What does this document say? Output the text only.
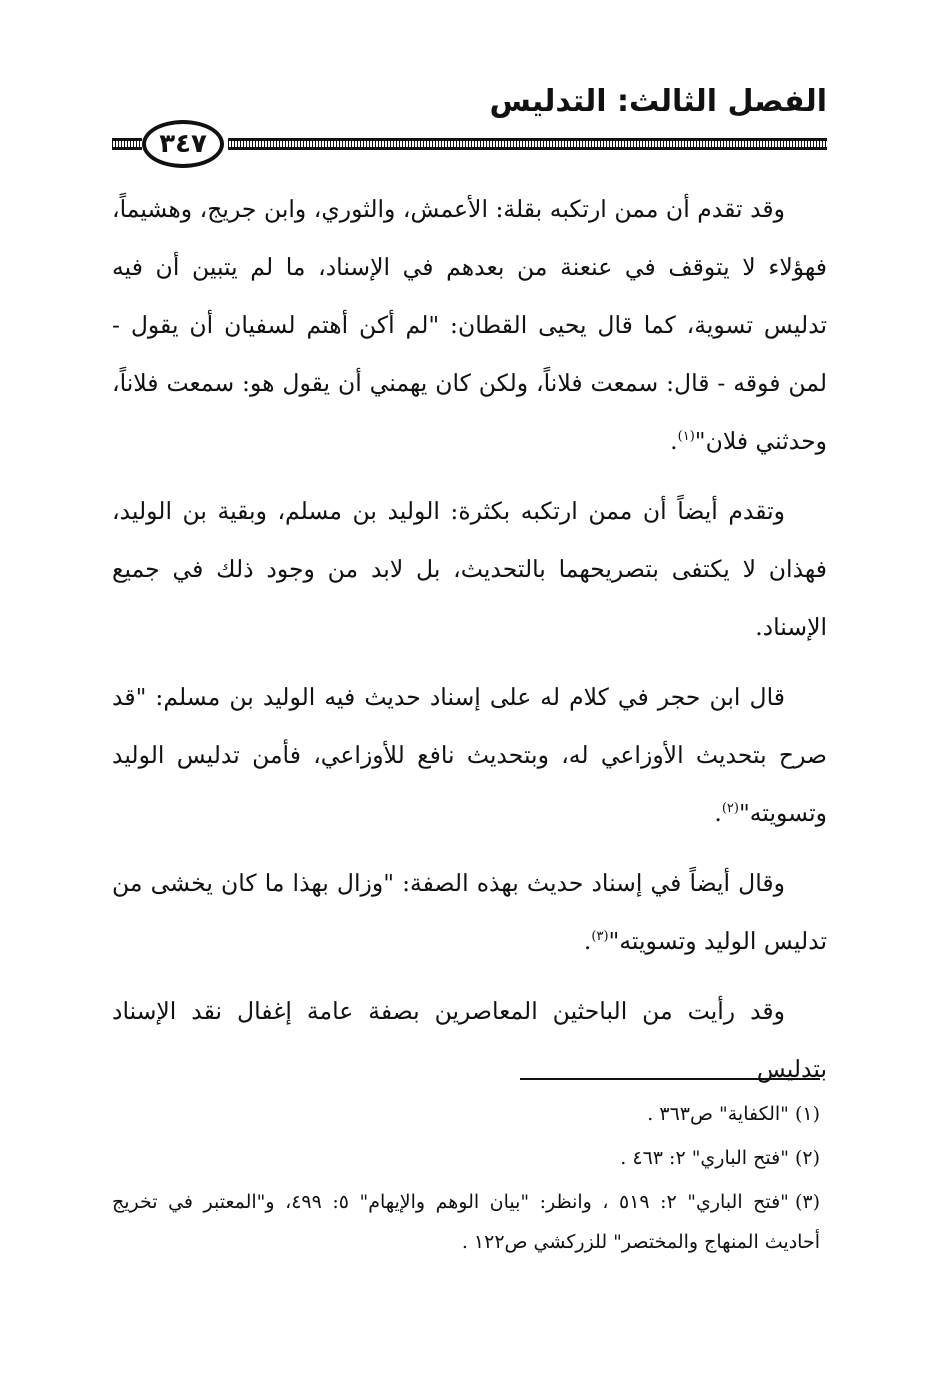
الفصل الثالث: التدليس
٣٤٧

وقد تقدم أن ممن ارتكبه بقلة: الأعمش، والثوري، وابن جريج، وهشيماً، فهؤلاء لا يتوقف في عنعنة من بعدهم في الإسناد، ما لم يتبين أن فيه تدليس تسوية، كما قال يحيى القطان: "لم أكن أهتم لسفيان أن يقول - لمن فوقه - قال: سمعت فلاناً، ولكن كان يهمني أن يقول هو: سمعت فلاناً، وحدثني فلان"$^{(١)}$.

وتقدم أيضاً أن ممن ارتكبه بكثرة: الوليد بن مسلم، وبقية بن الوليد، فهذان لا يكتفى بتصريحهما بالتحديث، بل لابد من وجود ذلك في جميع الإسناد.

قال ابن حجر في كلام له على إسناد حديث فيه الوليد بن مسلم: "قد صرح بتحديث الأوزاعي له، وبتحديث نافع للأوزاعي، فأمن تدليس الوليد وتسويته"$^{(٢)}$.

وقال أيضاً في إسناد حديث بهذه الصفة: "وزال بهذا ما كان يخشى من تدليس الوليد وتسويته"$^{(٣)}$.

وقد رأيت من الباحثين المعاصرين بصفة عامة إغفال نقد الإسناد بتدليس

(١)"الكفاية" ص٣٦٣ .

(٢)"فتح الباري" ٢: ٤٦٣ .

(٣)"فتح الباري" ٢: ٥١٩ ، وانظر: "بيان الوهم والإيهام" ٥: ٤٩٩، و"المعتبر في تخريج أحاديث المنهاج والمختصر" للزركشي ص١٢٢ .
